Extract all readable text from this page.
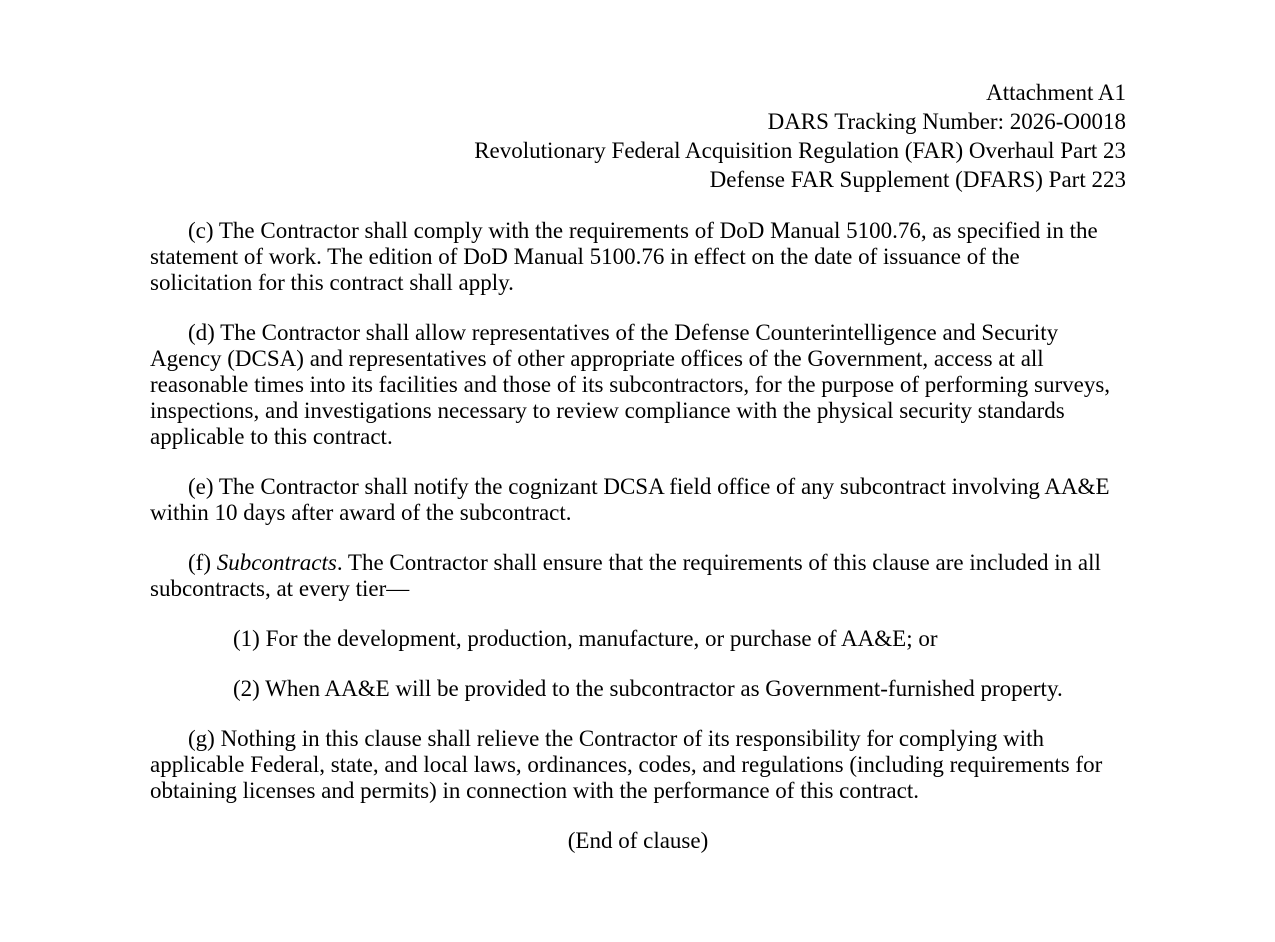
Attachment A1
DARS Tracking Number: 2026-O0018
Revolutionary Federal Acquisition Regulation (FAR) Overhaul Part 23
Defense FAR Supplement (DFARS) Part 223

(c) The Contractor shall comply with the requirements of DoD Manual 5100.76, as specified in the statement of work. The edition of DoD Manual 5100.76 in effect on the date of issuance of the solicitation for this contract shall apply.

(d) The Contractor shall allow representatives of the Defense Counterintelligence and Security Agency (DCSA) and representatives of other appropriate offices of the Government, access at all reasonable times into its facilities and those of its subcontractors, for the purpose of performing surveys, inspections, and investigations necessary to review compliance with the physical security standards applicable to this contract.

(e) The Contractor shall notify the cognizant DCSA field office of any subcontract involving AA&E within 10 days after award of the subcontract.

(f) Subcontracts. The Contractor shall ensure that the requirements of this clause are included in all subcontracts, at every tier—

(1) For the development, production, manufacture, or purchase of AA&E; or

(2) When AA&E will be provided to the subcontractor as Government-furnished property.

(g) Nothing in this clause shall relieve the Contractor of its responsibility for complying with applicable Federal, state, and local laws, ordinances, codes, and regulations (including requirements for obtaining licenses and permits) in connection with the performance of this contract.

(End of clause)
